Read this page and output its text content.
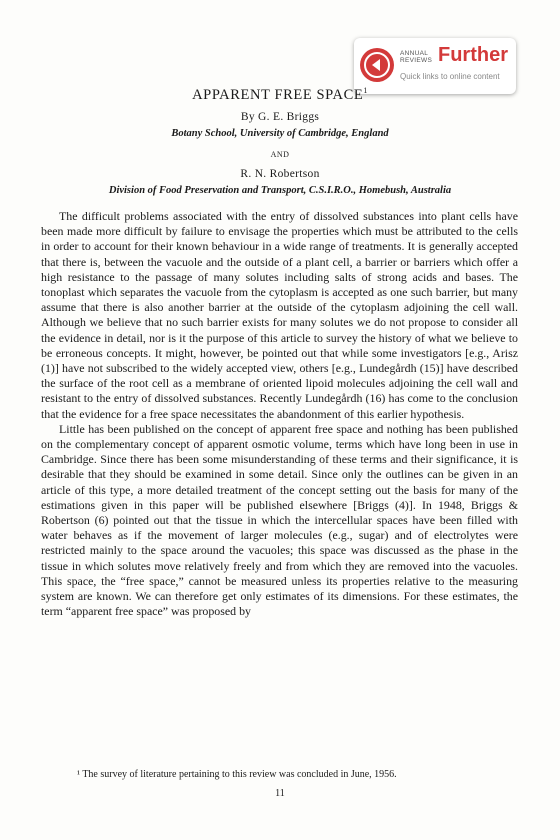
ANNUAL REVIEWS Further
Quick links to online content
APPARENT FREE SPACE$^1$
By G. E. Briggs
Botany School, University of Cambridge, England
AND
R. N. Robertson
Division of Food Preservation and Transport, C.S.I.R.O., Homebush, Australia

The difficult problems associated with the entry of dissolved substances into plant cells have been made more difficult by failure to envisage the properties which must be attributed to the cells in order to account for their known behaviour in a wide range of treatments. It is generally accepted that there is, between the vacuole and the outside of a plant cell, a barrier or barriers which offer a high resistance to the passage of many solutes including salts of strong acids and bases. The tonoplast which separates the vacuole from the cytoplasm is accepted as one such barrier, but many assume that there is also another barrier at the outside of the cytoplasm adjoining the cell wall. Although we believe that no such barrier exists for many solutes we do not propose to consider all the evidence in detail, nor is it the purpose of this article to survey the history of what we believe to be erroneous concepts. It might, however, be pointed out that while some investigators [e.g., Arisz (1)] have not subscribed to the widely accepted view, others [e.g., Lundegårdh (15)] have described the surface of the root cell as a membrane of oriented lipoid molecules adjoining the cell wall and resistant to the entry of dissolved substances. Recently Lundegårdh (16) has come to the conclusion that the evidence for a free space necessitates the abandonment of this earlier hypothesis.

Little has been published on the concept of apparent free space and nothing has been published on the complementary concept of apparent osmotic volume, terms which have long been in use in Cambridge. Since there has been some misunderstanding of these terms and their significance, it is desirable that they should be examined in some detail. Since only the outlines can be given in an article of this type, a more detailed treatment of the concept setting out the basis for many of the estimations given in this paper will be published elsewhere [Briggs (4)]. In 1948, Briggs & Robertson (6) pointed out that the tissue in which the intercellular spaces have been filled with water behaves as if the movement of larger molecules (e.g., sugar) and of electrolytes were restricted mainly to the space around the vacuoles; this space was discussed as the phase in the tissue in which solutes move relatively freely and from which they are removed into the vacuoles. This space, the “free space,” cannot be measured unless its properties relative to the measuring system are known. We can therefore get only estimates of its dimensions. For these estimates, the term “apparent free space” was proposed by

¹ The survey of literature pertaining to this review was concluded in June, 1956.
11
